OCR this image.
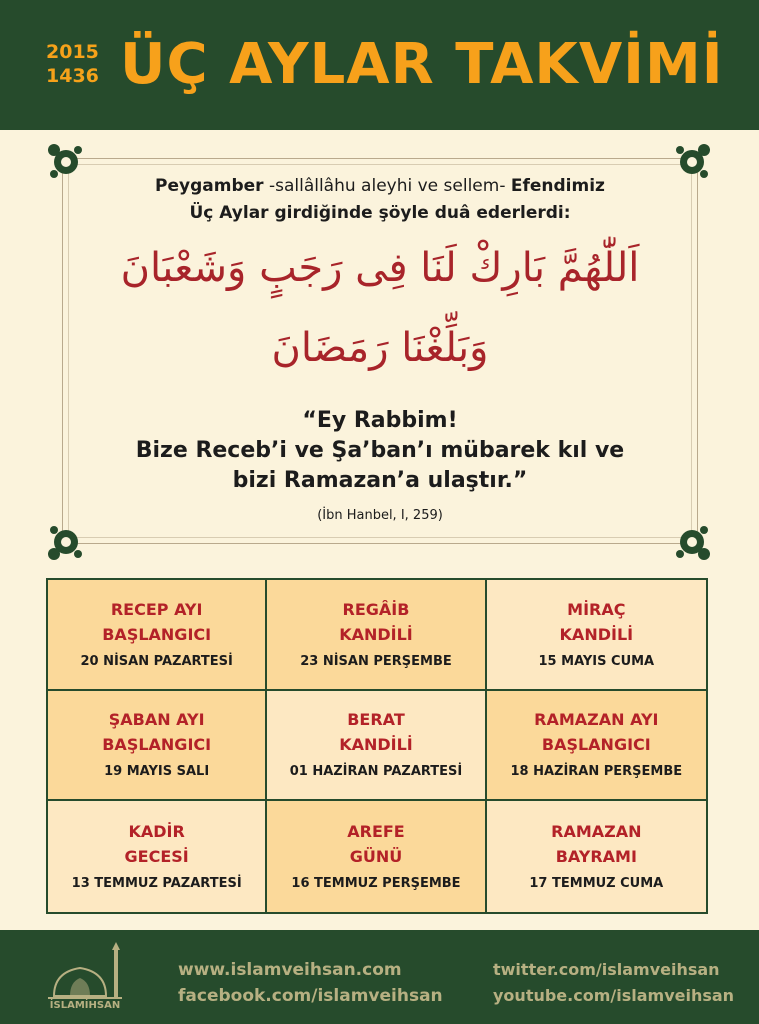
2015
1436 ÜÇ AYLAR TAKVİMİ
Peygamber -sallâllâhu aleyhi ve sellem- Efendimiz
Üç Aylar girdiğinde şöyle duâ ederlerdi:
اَللّٰهُمَّ بَارِكْ لَنَا فِى رَجَبٍ وَشَعْبَانَ
وَبَلِّغْنَا رَمَضَانَ
“Ey Rabbim!
Bize Receb’i ve Şa’ban’ı mübarek kıl ve
bizi Ramazan’a ulaştır.”
(İbn Hanbel, I, 259)
RECEP AYI
BAŞLANGICI
20 NİSAN PAZARTESİ
REGÂİB
KANDİLİ
23 NİSAN PERŞEMBE
MİRAÇ
KANDİLİ
15 MAYIS CUMA
ŞABAN AYI
BAŞLANGICI
19 MAYIS SALI
BERAT
KANDİLİ
01 HAZİRAN PAZARTESİ
RAMAZAN AYI
BAŞLANGICI
18 HAZİRAN PERŞEMBE
KADİR
GECESİ
13 TEMMUZ PAZARTESİ
AREFE
GÜNÜ
16 TEMMUZ PERŞEMBE
RAMAZAN
BAYRAMI
17 TEMMUZ CUMA
İSLAMİHSAN
www.islamveihsan.com
facebook.com/islamveihsan
twitter.com/islamveihsan
youtube.com/islamveihsan
